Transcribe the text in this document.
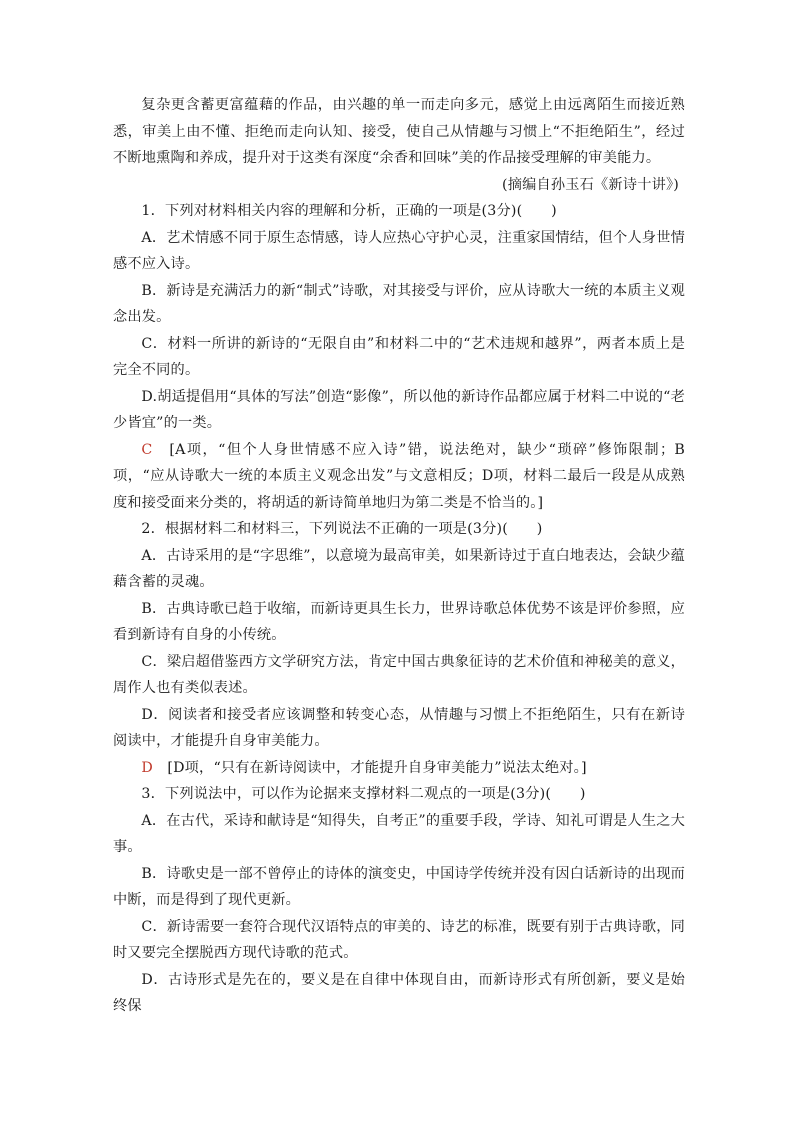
复杂更含蓄更富蕴藉的作品，由兴趣的单一而走向多元，感觉上由远离陌生而接近熟悉，审美上由不懂、拒绝而走向认知、接受，使自己从情趣与习惯上“不拒绝陌生”，经过不断地熏陶和养成，提升对于这类有深度“余香和回味”美的作品接受理解的审美能力。

(摘编自孙玉石《新诗十讲》)

1．下列对材料相关内容的理解和分析，正确的一项是(3分)(　　)

A．艺术情感不同于原生态情感，诗人应热心守护心灵，注重家国情结，但个人身世情感不应入诗。

B．新诗是充满活力的新“制式”诗歌，对其接受与评价，应从诗歌大一统的本质主义观念出发。

C．材料一所讲的新诗的“无限自由”和材料二中的“艺术违规和越界”，两者本质上是完全不同的。

D.胡适提倡用“具体的写法”创造“影像”，所以他的新诗作品都应属于材料二中说的“老少皆宜”的一类。

C　 [A项，“但个人身世情感不应入诗”错，说法绝对，缺少“琐碎”修饰限制；B项，“应从诗歌大一统的本质主义观念出发”与文意相反；D项，材料二最后一段是从成熟度和接受面来分类的，将胡适的新诗简单地归为第二类是不恰当的。]

2．根据材料二和材料三，下列说法不正确的一项是(3分)(　　)

A．古诗采用的是“字思维”，以意境为最高审美，如果新诗过于直白地表达，会缺少蕴藉含蓄的灵魂。

B．古典诗歌已趋于收缩，而新诗更具生长力，世界诗歌总体优势不该是评价参照，应看到新诗有自身的小传统。

C．梁启超借鉴西方文学研究方法，肯定中国古典象征诗的艺术价值和神秘美的意义，周作人也有类似表述。

D．阅读者和接受者应该调整和转变心态，从情趣与习惯上不拒绝陌生，只有在新诗阅读中，才能提升自身审美能力。

D　 [D项，“只有在新诗阅读中，才能提升自身审美能力”说法太绝对。]

3．下列说法中，可以作为论据来支撑材料二观点的一项是(3分)(　　)

A．在古代，采诗和献诗是“知得失，自考正”的重要手段，学诗、知礼可谓是人生之大事。

B．诗歌史是一部不曾停止的诗体的演变史，中国诗学传统并没有因白话新诗的出现而中断，而是得到了现代更新。

C．新诗需要一套符合现代汉语特点的审美的、诗艺的标准，既要有别于古典诗歌，同时又要完全摆脱西方现代诗歌的范式。

D．古诗形式是先在的，要义是在自律中体现自由，而新诗形式有所创新，要义是始终保
